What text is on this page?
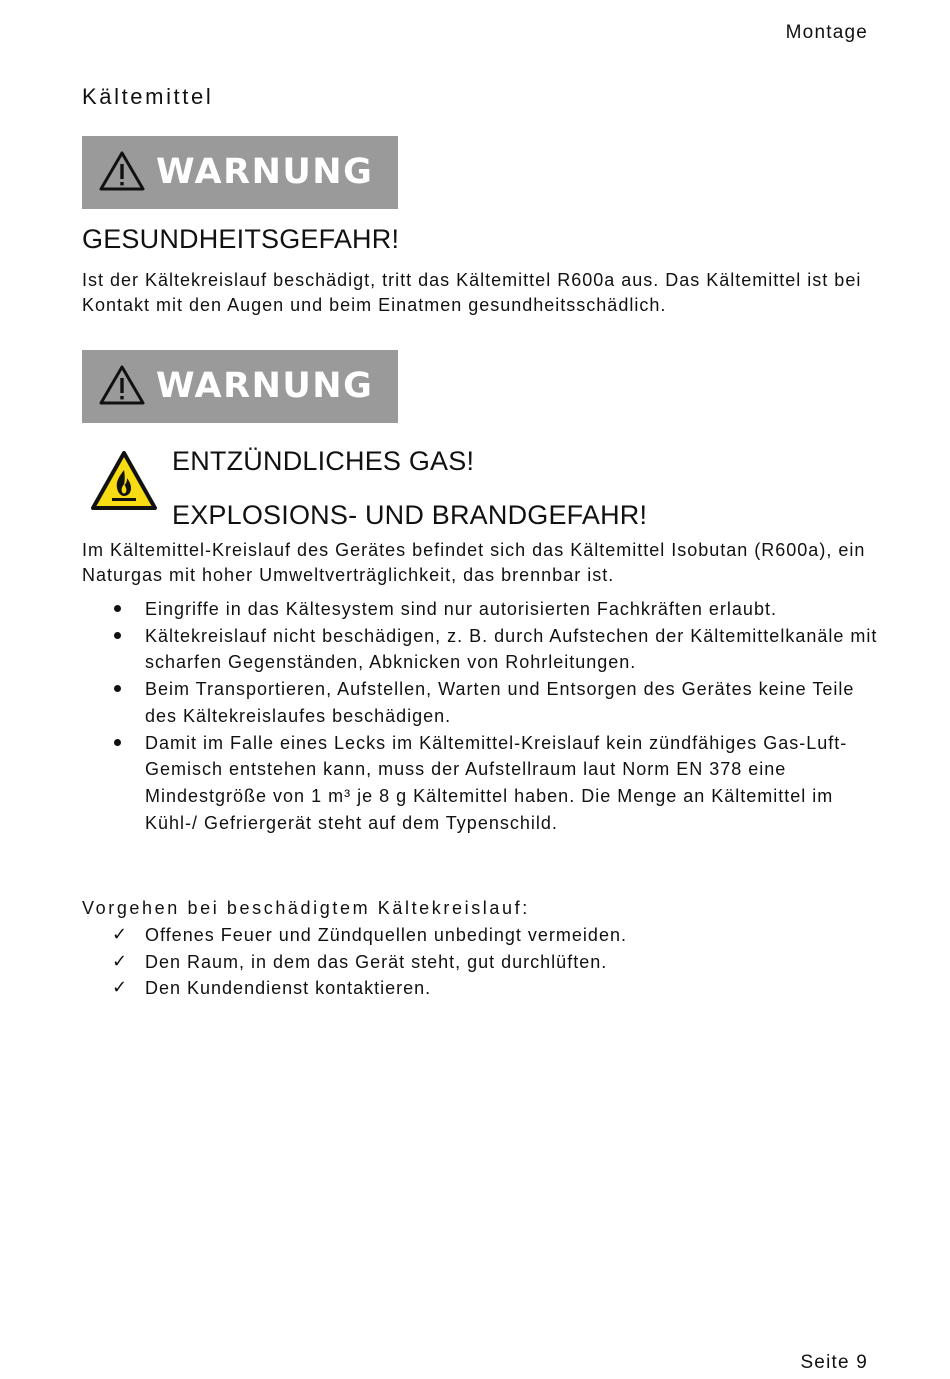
Montage
Kältemittel
WARNUNG
GESUNDHEITSGEFAHR!
Ist der Kältekreislauf beschädigt, tritt das Kältemittel R600a aus. Das Kältemittel ist bei Kontakt mit den Augen und beim Einatmen gesundheitsschädlich.
WARNUNG
ENTZÜNDLICHES GAS!
EXPLOSIONS- UND BRANDGEFAHR!
Im Kältemittel-Kreislauf des Gerätes befindet sich das Kältemittel Isobutan (R600a), ein Naturgas mit hoher Umweltverträglichkeit, das brennbar ist.
Eingriffe in das Kältesystem sind nur autorisierten Fachkräften erlaubt.
Kältekreislauf nicht beschädigen, z. B. durch Aufstechen der Kältemittelkanäle mit scharfen Gegenständen, Abknicken von Rohrleitungen.
Beim Transportieren, Aufstellen, Warten und Entsorgen des Gerätes keine Teile des Kältekreislaufes beschädigen.
Damit im Falle eines Lecks im Kältemittel-Kreislauf kein zündfähiges Gas-Luft-Gemisch entstehen kann, muss der Aufstellraum laut Norm EN 378 eine Mindestgröße von 1 m³ je 8 g Kältemittel haben. Die Menge an Kältemittel im Kühl-/ Gefriergerät steht auf dem Typenschild.
Vorgehen bei beschädigtem Kältekreislauf:
✓ Offenes Feuer und Zündquellen unbedingt vermeiden.
✓ Den Raum, in dem das Gerät steht, gut durchlüften.
✓ Den Kundendienst kontaktieren.
Seite 9
